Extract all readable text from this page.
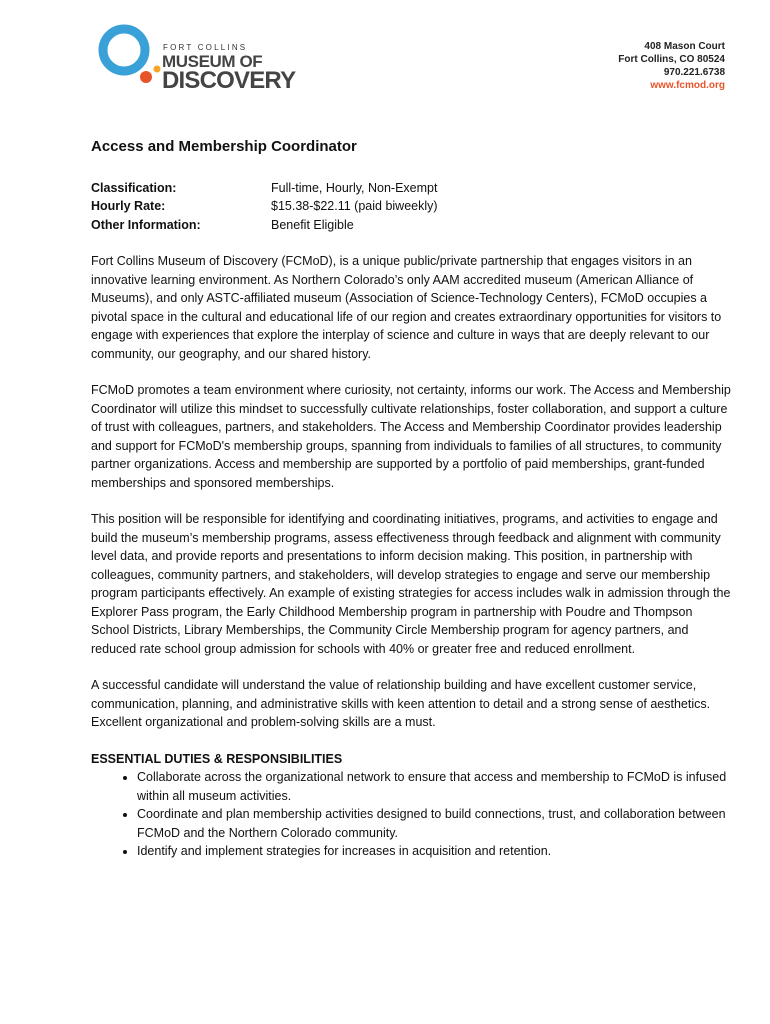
FORT COLLINS
MUSEUM OF
DISCOVERY
408 Mason Court
Fort Collins, CO 80524
970.221.6738
www.fcmod.org
Access and Membership Coordinator
Classification:	Full-time, Hourly, Non-Exempt
Hourly Rate:	$15.38-$22.11 (paid biweekly)
Other Information:	Benefit Eligible

Fort Collins Museum of Discovery (FCMoD), is a unique public/private partnership that engages visitors in an innovative learning environment. As Northern Colorado’s only AAM accredited museum (American Alliance of Museums), and only ASTC-affiliated museum (Association of Science-Technology Centers), FCMoD occupies a pivotal space in the cultural and educational life of our region and creates extraordinary opportunities for visitors to engage with experiences that explore the interplay of science and culture in ways that are deeply relevant to our community, our geography, and our shared history.

FCMoD promotes a team environment where curiosity, not certainty, informs our work. The Access and Membership Coordinator will utilize this mindset to successfully cultivate relationships, foster collaboration, and support a culture of trust with colleagues, partners, and stakeholders. The Access and Membership Coordinator provides leadership and support for FCMoD's membership groups, spanning from individuals to families of all structures, to community partner organizations. Access and membership are supported by a portfolio of paid memberships, grant-funded memberships and sponsored memberships.

This position will be responsible for identifying and coordinating initiatives, programs, and activities to engage and build the museum’s membership programs, assess effectiveness through feedback and alignment with community level data, and provide reports and presentations to inform decision making. This position, in partnership with colleagues, community partners, and stakeholders, will develop strategies to engage and serve our membership program participants effectively. An example of existing strategies for access includes walk in admission through the Explorer Pass program, the Early Childhood Membership program in partnership with Poudre and Thompson School Districts, Library Memberships, the Community Circle Membership program for agency partners, and reduced rate school group admission for schools with 40% or greater free and reduced enrollment.

A successful candidate will understand the value of relationship building and have excellent customer service, communication, planning, and administrative skills with keen attention to detail and a strong sense of aesthetics. Excellent organizational and problem-solving skills are a must.

ESSENTIAL DUTIES & RESPONSIBILITIES
• Collaborate across the organizational network to ensure that access and membership to FCMoD is infused within all museum activities.
• Coordinate and plan membership activities designed to build connections, trust, and collaboration between FCMoD and the Northern Colorado community.
• Identify and implement strategies for increases in acquisition and retention.
